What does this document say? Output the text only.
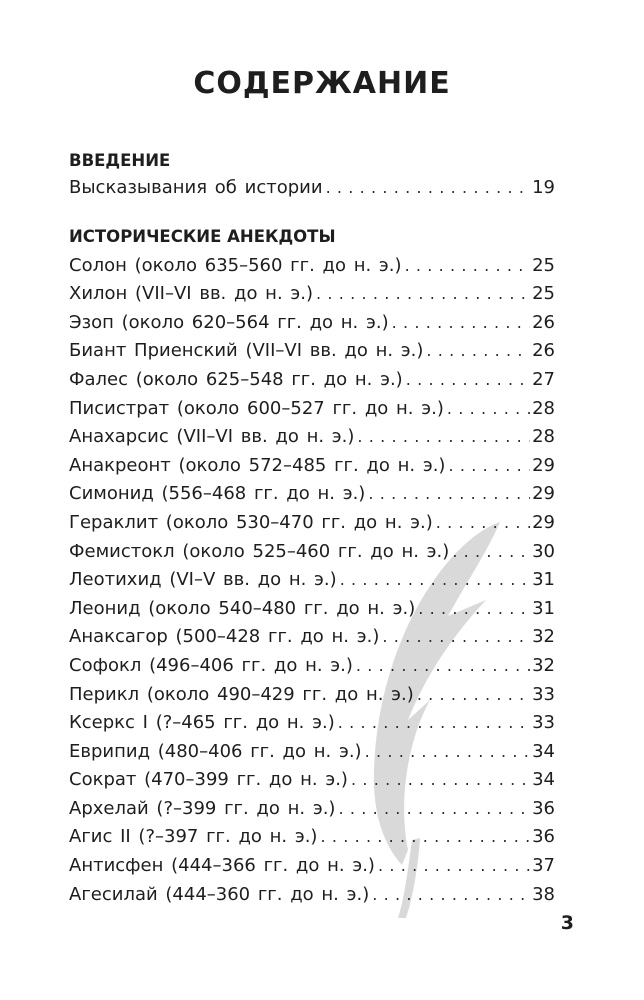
СОДЕРЖАНИЕ
ВВЕДЕНИЕ
Высказывания об истории . . .	19
ИСТОРИЧЕСКИЕ АНЕКДОТЫ
Солон (около 635–560 гг. до н. э.) . . .	25
Хилон (VII–VI вв. до н. э.) . . .	25
Эзоп (около 620–564 гг. до н. э.) . . .	26
Биант Приенский (VII–VI вв. до н. э.) . . .	26
Фалес (около 625–548 гг. до н. э.) . . .	27
Писистрат (около 600–527 гг. до н. э.) . . .	28
Анахарсис (VII–VI вв. до н. э.) . . .	28
Анакреонт (около 572–485 гг. до н. э.) . . .	29
Симонид (556–468 гг. до н. э.) . . .	29
Гераклит (около 530–470 гг. до н. э.) . . .	29
Фемистокл (около 525–460 гг. до н. э.) . . .	30
Леотихид (VI–V вв. до н. э.) . . .	31
Леонид (около 540–480 гг. до н. э.) . . .	31
Анаксагор (500–428 гг. до н. э.) . . .	32
Софокл (496–406 гг. до н. э.) . . .	32
Перикл (около 490–429 гг. до н. э.) . . .	33
Ксеркс I (?–465 гг. до н. э.) . . .	33
Еврипид (480–406 гг. до н. э.) . . .	34
Сократ (470–399 гг. до н. э.) . . .	34
Архелай (?–399 гг. до н. э.) . . .	36
Агис II (?–397 гг. до н. э.) . . .	36
Антисфен (444–366 гг. до н. э.) . . .	37
Агесилай (444–360 гг. до н. э.) . . .	38
3
